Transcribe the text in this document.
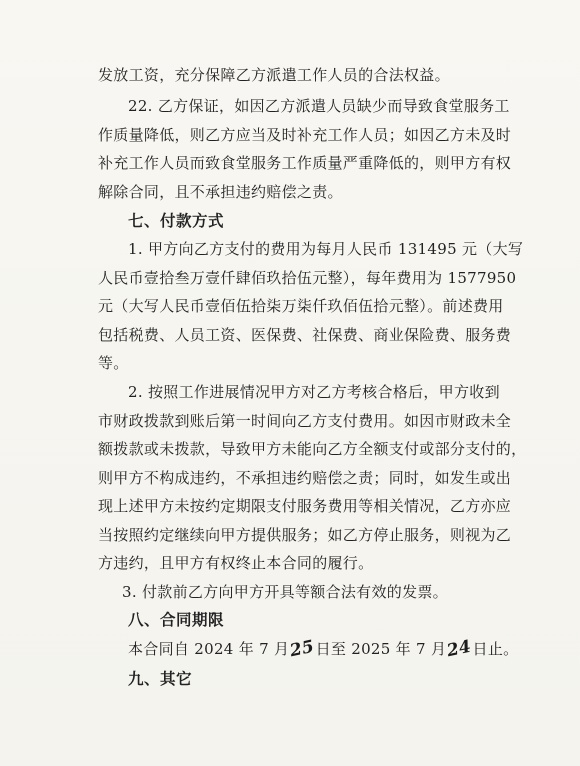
发放工资，充分保障乙方派遣工作人员的合法权益。
22. 乙方保证，如因乙方派遣人员缺少而导致食堂服务工
作质量降低，则乙方应当及时补充工作人员；如因乙方未及时
补充工作人员而致食堂服务工作质量严重降低的，则甲方有权
解除合同，且不承担违约赔偿之责。
七、付款方式
1. 甲方向乙方支付的费用为每月人民币 131495 元（大写
人民币壹拾叁万壹仟肆佰玖拾伍元整），每年费用为 1577950
元（大写人民币壹佰伍拾柒万柒仟玖佰伍拾元整）。前述费用
包括税费、人员工资、医保费、社保费、商业保险费、服务费
等。
2. 按照工作进展情况甲方对乙方考核合格后，甲方收到
市财政拨款到账后第一时间向乙方支付费用。如因市财政未全
额拨款或未拨款，导致甲方未能向乙方全额支付或部分支付的，
则甲方不构成违约，不承担违约赔偿之责；同时，如发生或出
现上述甲方未按约定期限支付服务费用等相关情况，乙方亦应
当按照约定继续向甲方提供服务；如乙方停止服务，则视为乙
方违约，且甲方有权终止本合同的履行。
3. 付款前乙方向甲方开具等额合法有效的发票。
八、合同期限
本合同自 2024 年 7 月25日至 2025 年 7 月24日止。
九、其它
